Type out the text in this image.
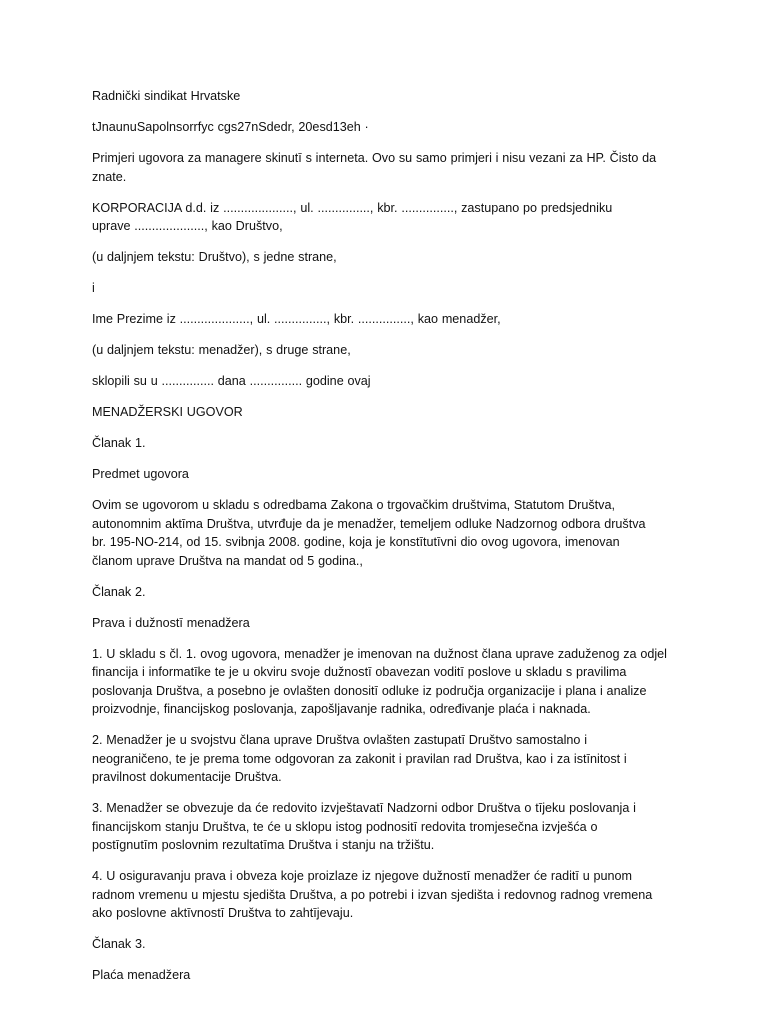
Radnički sindikat Hrvatske
tJnaunuSapolnsorrfyc cgs27nSdedr, 20esd13eh ·
Primjeri ugovora za managere skinutī s interneta. Ovo su samo primjeri i nisu vezani za HP. Čisto da
znate.
KORPORACIJA d.d. iz ...................., ul. ..............., kbr. ..............., zastupano po predsjedniku
uprave ...................., kao Društvo,
(u daljnjem tekstu: Društvo), s jedne strane,
i
Ime Prezime iz ...................., ul. ..............., kbr. ..............., kao menadžer,
(u daljnjem tekstu: menadžer), s druge strane,
sklopili su u ............... dana ............... godine ovaj
MENADŽERSKI UGOVOR
Članak 1.
Predmet ugovora
Ovim se ugovorom u skladu s odredbama Zakona o trgovačkim društvima, Statutom Društva,
autonomnim aktīma Društva, utvrđuje da je menadžer, temeljem odluke Nadzornog odbora društva
br. 195-NO-214, od 15. svibnja 2008. godine, koja je konstītutīvni dio ovog ugovora, imenovan
članom uprave Društva na mandat od 5 godina.,
Članak 2.
Prava i dužnostī menadžera
1. U skladu s čl. 1. ovog ugovora, menadžer je imenovan na dužnost člana uprave zaduženog za odjel
financija i informatīke te je u okviru svoje dužnostī obavezan voditī poslove u skladu s pravilima
poslovanja Društva, a posebno je ovlašten donositī odluke iz područja organizacije i plana i analize
proizvodnje, financijskog poslovanja, zapošljavanje radnika, određivanje plaća i naknada.
2. Menadžer je u svojstvu člana uprave Društva ovlašten zastupatī Društvo samostalno i
neograničeno, te je prema tome odgovoran za zakonit i pravilan rad Društva, kao i za istīnitost i
pravilnost dokumentacije Društva.
3. Menadžer se obvezuje da će redovito izvještavatī Nadzorni odbor Društva o tījeku poslovanja i
financijskom stanju Društva, te će u sklopu istog podnositī redovita tromjesečna izvješća o
postīgnutīm poslovnim rezultatīma Društva i stanju na tržištu.
4. U osiguravanju prava i obveza koje proizlaze iz njegove dužnostī menadžer će raditī u punom
radnom vremenu u mjestu sjedišta Društva, a po potrebi i izvan sjedišta i redovnog radnog vremena
ako poslovne aktīvnostī Društva to zahtījevaju.
Članak 3.
Plaća menadžera
